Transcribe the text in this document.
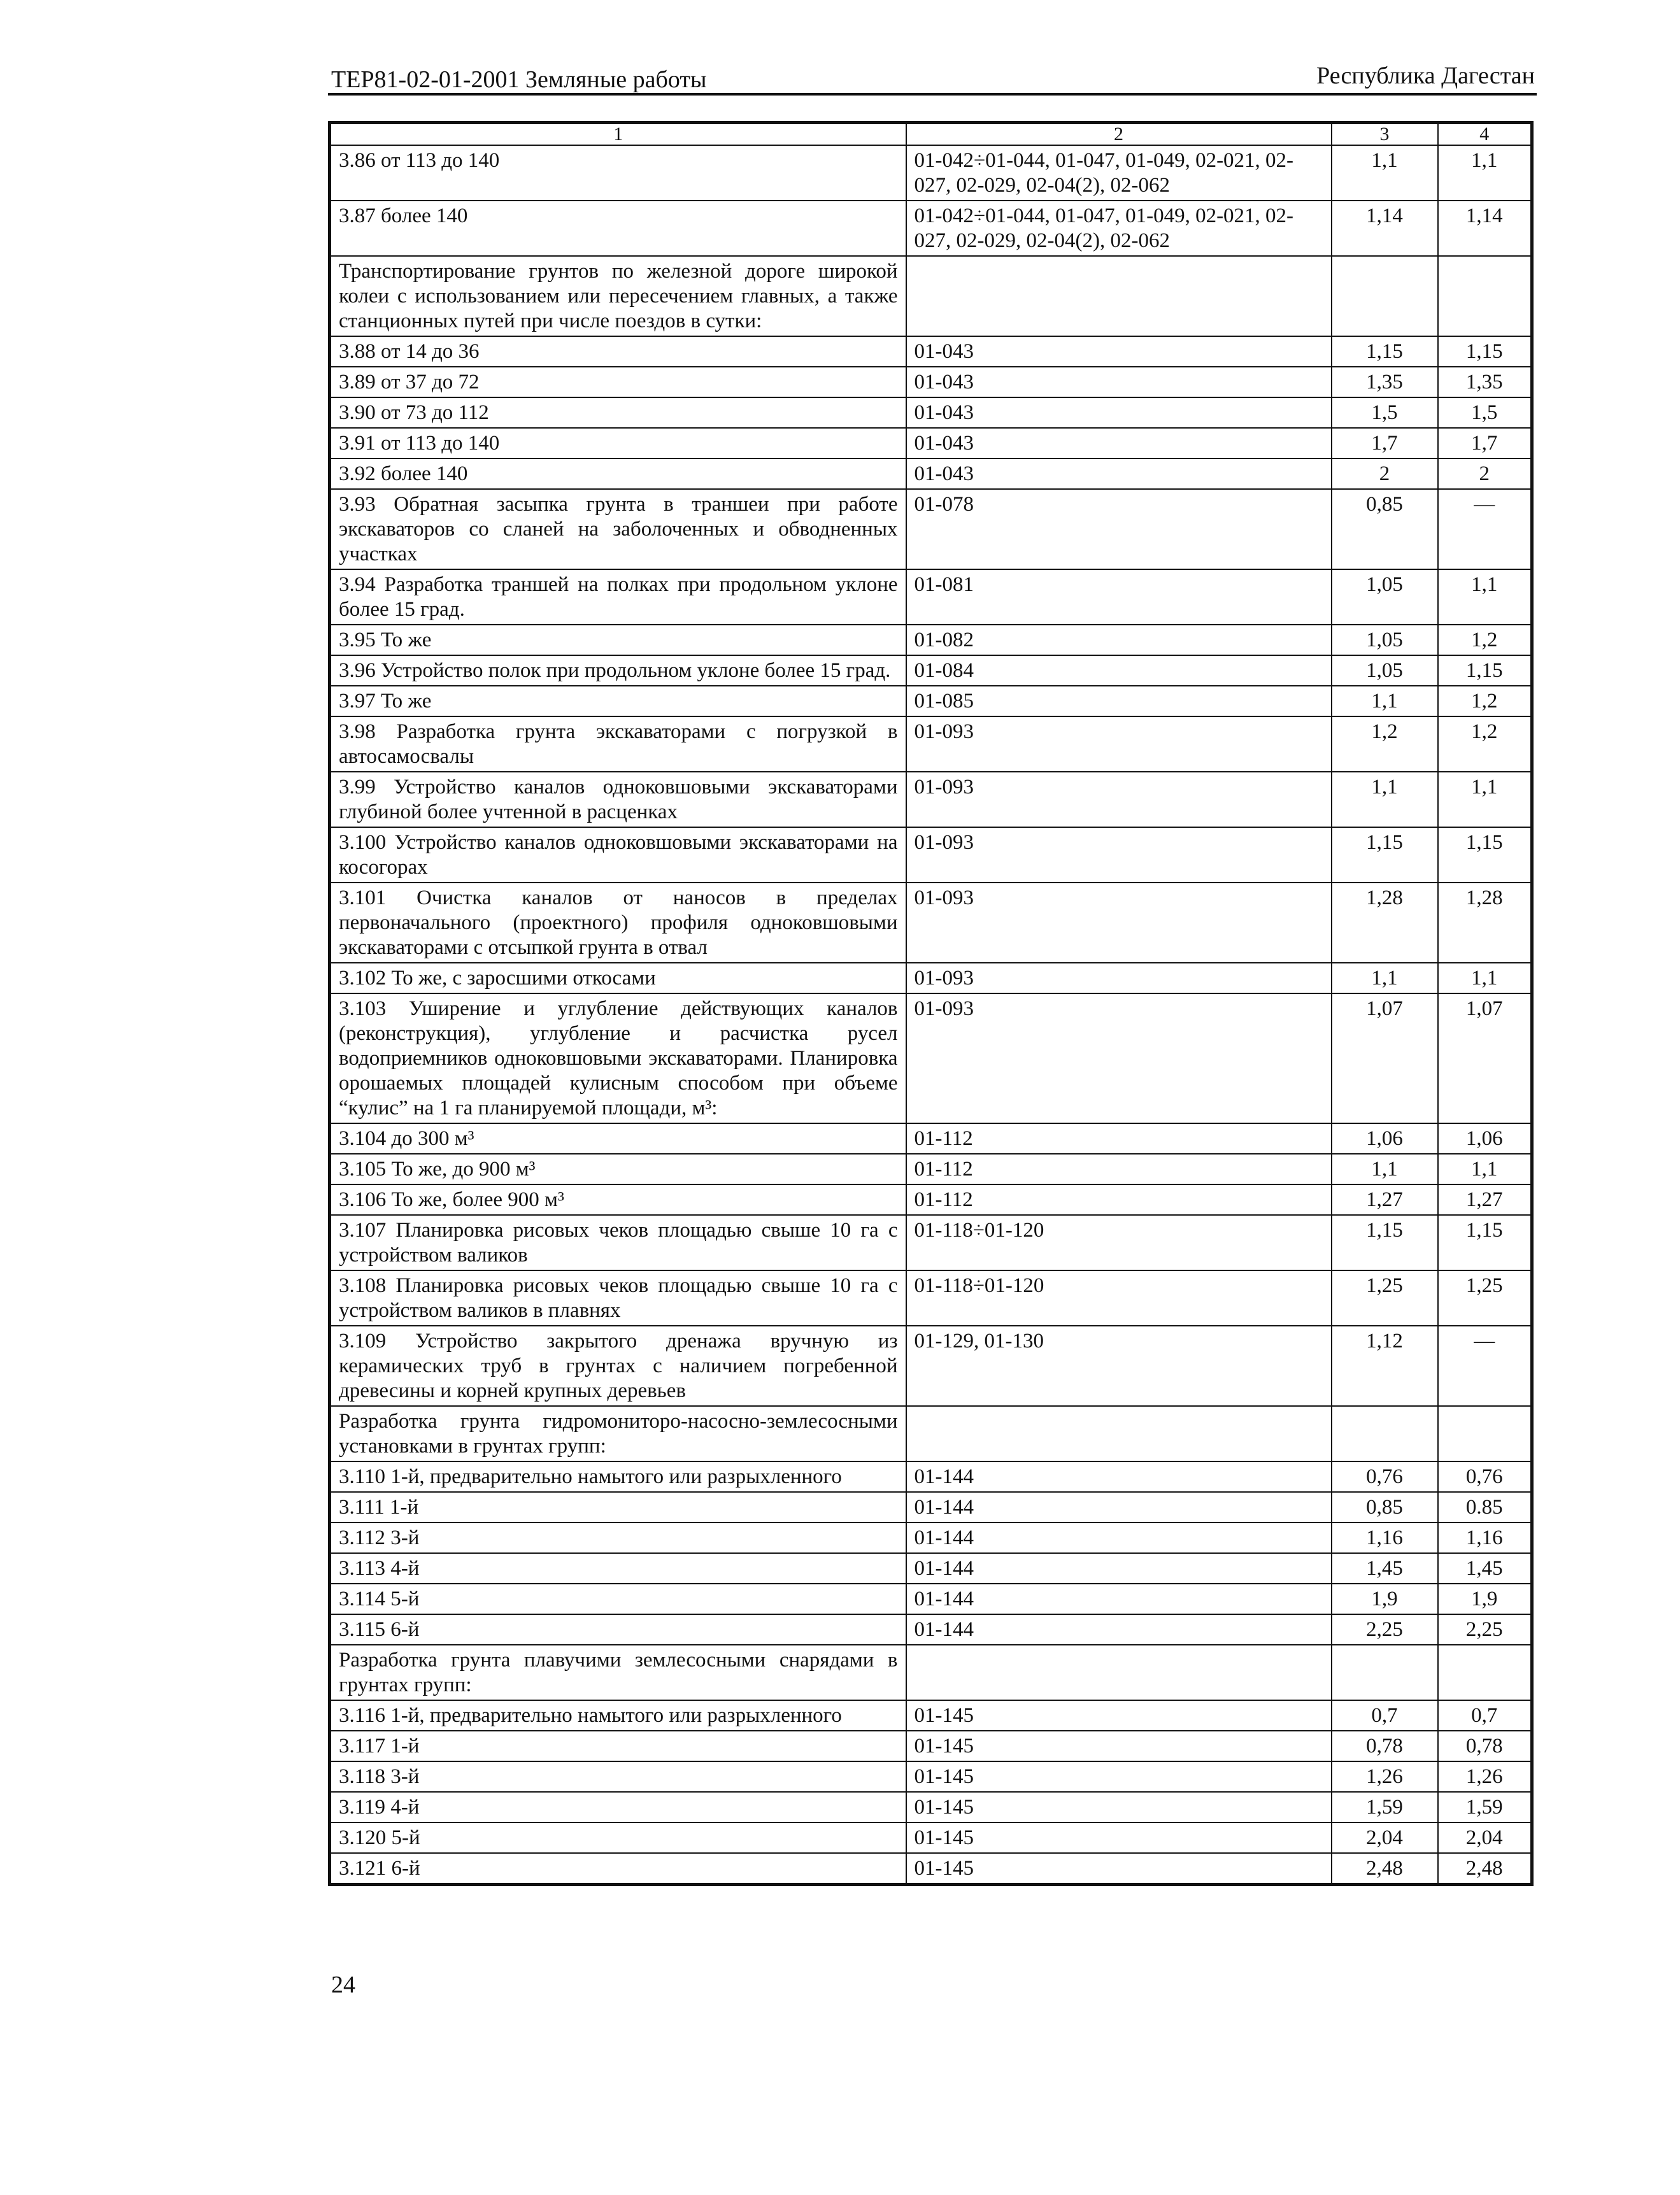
ТЕР81-02-01-2001 Земляные работы	Республика Дагестан
1	2	3	4
3.86 от 113 до 140	01-042÷01-044, 01-047, 01-049, 02-021, 02-027, 02-029, 02-04(2), 02-062	1,1	1,1
3.87 более 140	01-042÷01-044, 01-047, 01-049, 02-021, 02-027, 02-029, 02-04(2), 02-062	1,14	1,14
Транспортирование грунтов по железной дороге широкой колеи с использованием или пересечением главных, а также станционных путей при числе поездов в сутки:			
3.88 от 14 до 36	01-043	1,15	1,15
3.89 от 37 до 72	01-043	1,35	1,35
3.90 от 73 до 112	01-043	1,5	1,5
3.91 от 113 до 140	01-043	1,7	1,7
3.92 более 140	01-043	2	2
3.93 Обратная засыпка грунта в траншеи при работе экскаваторов со сланей на заболоченных и обводненных участках	01-078	0,85	—
3.94 Разработка траншей на полках при продольном уклоне более 15 град.	01-081	1,05	1,1
3.95 То же	01-082	1,05	1,2
3.96 Устройство полок при продольном уклоне более 15 град.	01-084	1,05	1,15
3.97 То же	01-085	1,1	1,2
3.98 Разработка грунта экскаваторами с погрузкой в автосамосвалы	01-093	1,2	1,2
3.99 Устройство каналов одноковшовыми экскаваторами глубиной более учтенной в расценках	01-093	1,1	1,1
3.100 Устройство каналов одноковшовыми экскаваторами на косогорах	01-093	1,15	1,15
3.101 Очистка каналов от наносов в пределах первоначального (проектного) профиля одноковшовыми экскаваторами с отсыпкой грунта в отвал	01-093	1,28	1,28
3.102 То же, с заросшими откосами	01-093	1,1	1,1
3.103 Уширение и углубление действующих каналов (реконструкция), углубление и расчистка русел водоприемников одноковшовыми экскаваторами. Планировка орошаемых площадей кулисным способом при объеме “кулис” на 1 га планируемой площади, м³:	01-093	1,07	1,07
3.104 до 300 м³	01-112	1,06	1,06
3.105 То же, до 900 м³	01-112	1,1	1,1
3.106 То же, более 900 м³	01-112	1,27	1,27
3.107 Планировка рисовых чеков площадью свыше 10 га с устройством валиков	01-118÷01-120	1,15	1,15
3.108 Планировка рисовых чеков площадью свыше 10 га с устройством валиков в плавнях	01-118÷01-120	1,25	1,25
3.109 Устройство закрытого дренажа вручную из керамических труб в грунтах с наличием погребенной древесины и корней крупных деревьев	01-129, 01-130	1,12	—
Разработка грунта гидромониторо-насосно-землесосными установками в грунтах групп:			
3.110 1-й, предварительно намытого или разрыхленного	01-144	0,76	0,76
3.111 1-й	01-144	0,85	0.85
3.112 3-й	01-144	1,16	1,16
3.113 4-й	01-144	1,45	1,45
3.114 5-й	01-144	1,9	1,9
3.115 6-й	01-144	2,25	2,25
Разработка грунта плавучими землесосными снарядами в грунтах групп:			
3.116 1-й, предварительно намытого или разрыхленного	01-145	0,7	0,7
3.117 1-й	01-145	0,78	0,78
3.118 3-й	01-145	1,26	1,26
3.119 4-й	01-145	1,59	1,59
3.120 5-й	01-145	2,04	2,04
3.121 6-й	01-145	2,48	2,48
24
